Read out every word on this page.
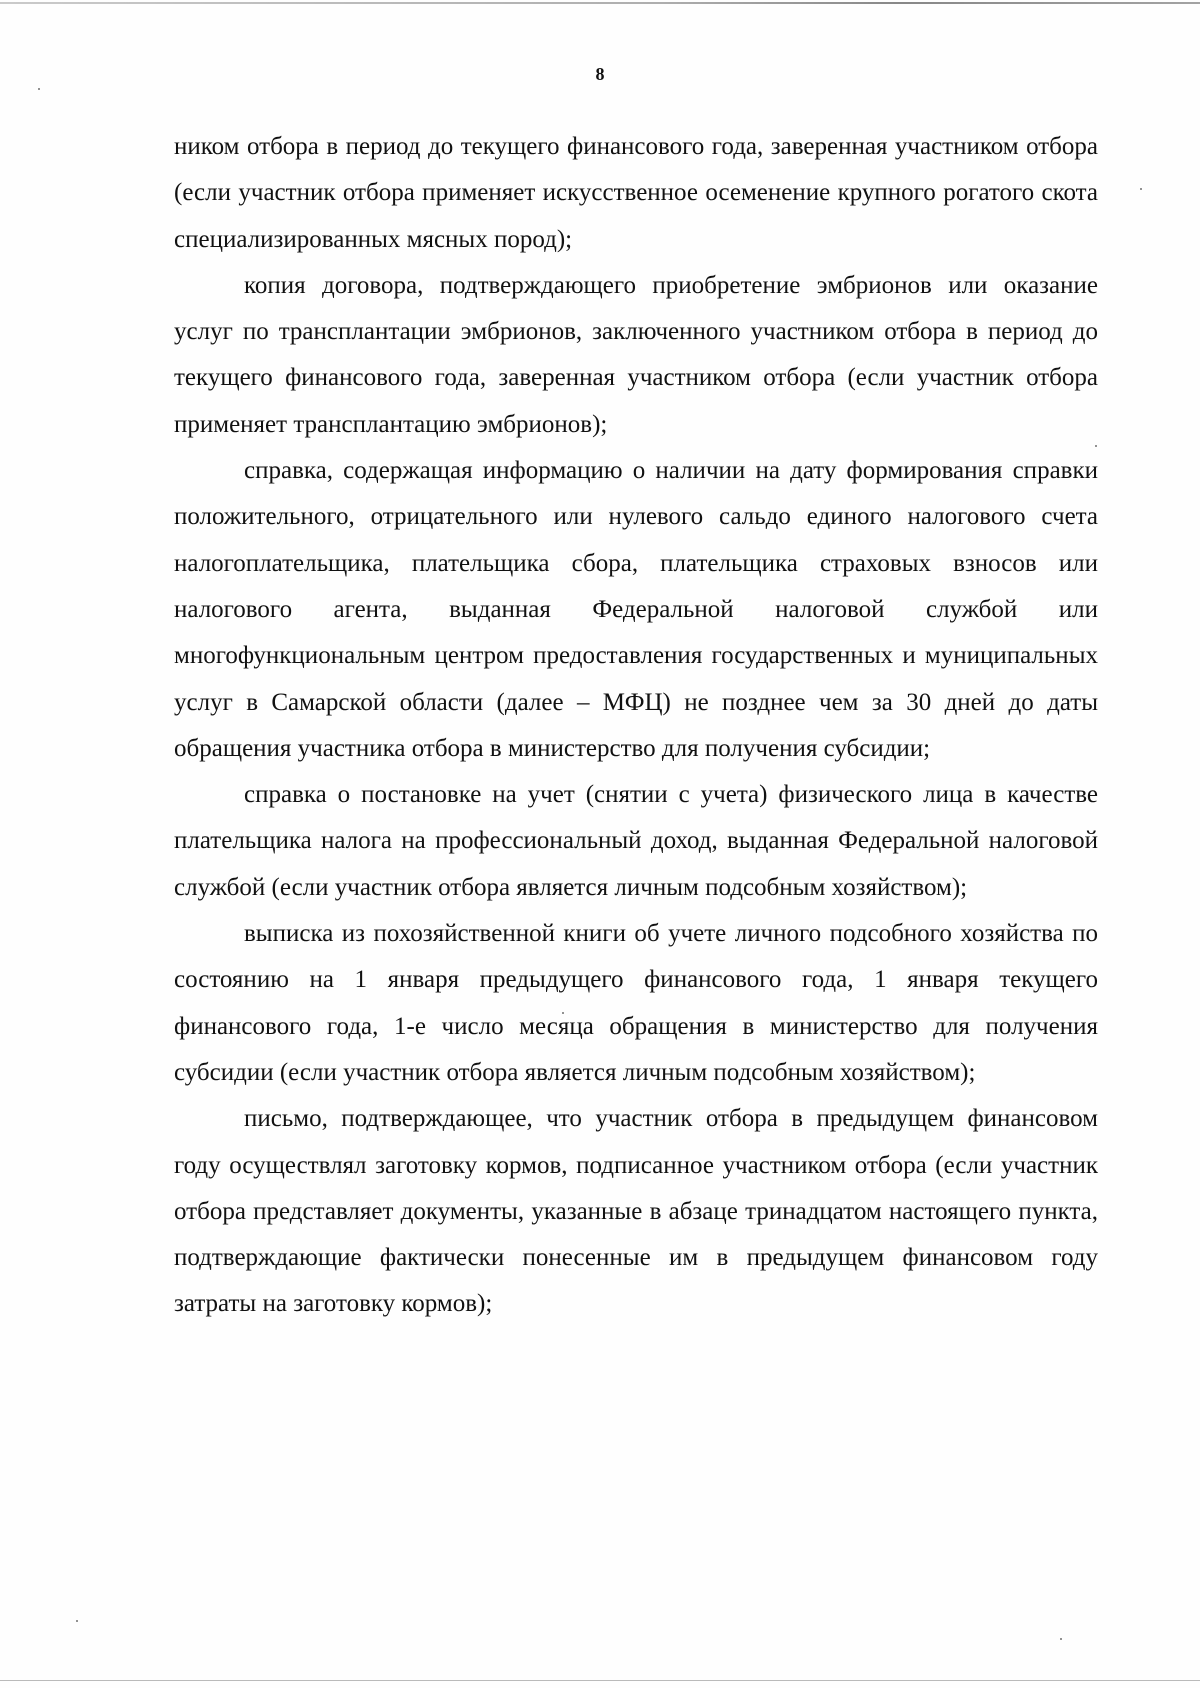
8

ником отбора в период до текущего финансового года, заверенная участником отбора (если участник отбора применяет искусственное осеменение крупного рогатого скота специализированных мясных пород);

копия договора, подтверждающего приобретение эмбрионов или оказание услуг по трансплантации эмбрионов, заключенного участником отбора в период до текущего финансового года, заверенная участником отбора (если участник отбора применяет трансплантацию эмбрионов);

справка, содержащая информацию о наличии на дату формирования справки положительного, отрицательного или нулевого сальдо единого налогового счета налогоплательщика, плательщика сбора, плательщика страховых взносов или налогового агента, выданная Федеральной налоговой службой или многофункциональным центром предоставления государственных и муниципальных услуг в Самарской области (далее – МФЦ) не позднее чем за 30 дней до даты обращения участника отбора в министерство для получения субсидии;

справка о постановке на учет (снятии с учета) физического лица в качестве плательщика налога на профессиональный доход, выданная Федеральной налоговой службой (если участник отбора является личным подсобным хозяйством);

выписка из похозяйственной книги об учете личного подсобного хозяйства по состоянию на 1 января предыдущего финансового года, 1 января текущего финансового года, 1-е число месяца обращения в министерство для получения субсидии (если участник отбора является личным подсобным хозяйством);

письмо, подтверждающее, что участник отбора в предыдущем финансовом году осуществлял заготовку кормов, подписанное участником отбора (если участник отбора представляет документы, указанные в абзаце тринадцатом настоящего пункта, подтверждающие фактически понесенные им в предыдущем финансовом году затраты на заготовку кормов);
